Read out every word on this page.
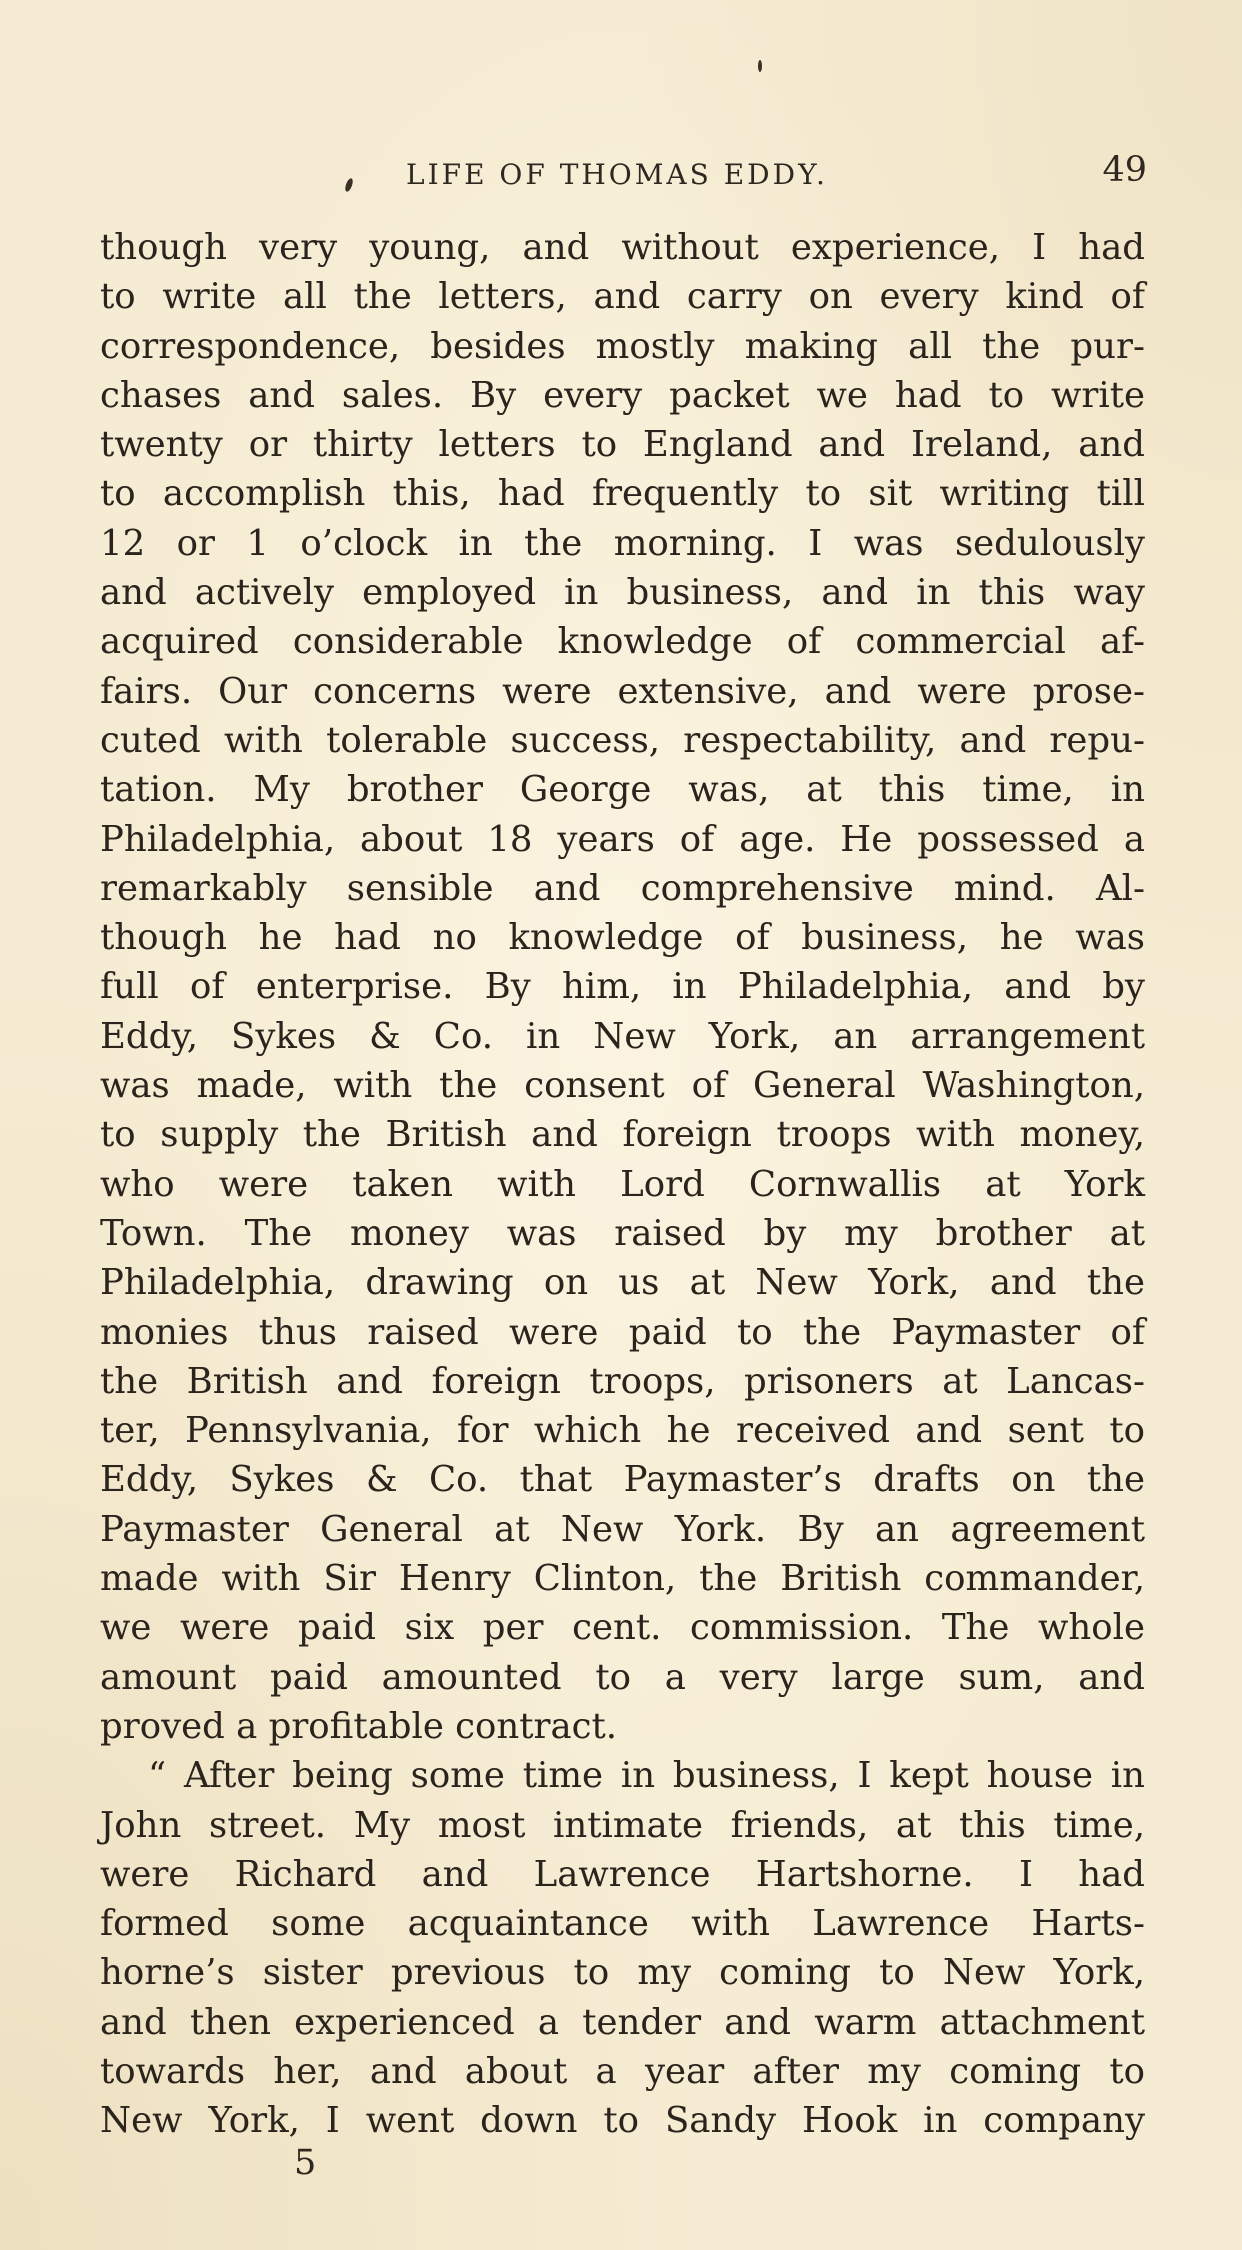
LIFE OF THOMAS EDDY.	49
though very young, and without experience, I had
to write all the letters, and carry on every kind of
correspondence, besides mostly making all the pur-
chases and sales. By every packet we had to write
twenty or thirty letters to England and Ireland, and
to accomplish this, had frequently to sit writing till
12 or 1 o’clock in the morning. I was sedulously
and actively employed in business, and in this way
acquired considerable knowledge of commercial af-
fairs. Our concerns were extensive, and were prose-
cuted with tolerable success, respectability, and repu-
tation. My brother George was, at this time, in
Philadelphia, about 18 years of age. He possessed a
remarkably sensible and comprehensive mind. Al-
though he had no knowledge of business, he was
full of enterprise. By him, in Philadelphia, and by
Eddy, Sykes & Co. in New York, an arrangement
was made, with the consent of General Washington,
to supply the British and foreign troops with money,
who were taken with Lord Cornwallis at York
Town. The money was raised by my brother at
Philadelphia, drawing on us at New York, and the
monies thus raised were paid to the Paymaster of
the British and foreign troops, prisoners at Lancas-
ter, Pennsylvania, for which he received and sent to
Eddy, Sykes & Co. that Paymaster’s drafts on the
Paymaster General at New York. By an agreement
made with Sir Henry Clinton, the British commander,
we were paid six per cent. commission. The whole
amount paid amounted to a very large sum, and
proved a profitable contract.
“ After being some time in business, I kept house in
John street. My most intimate friends, at this time,
were Richard and Lawrence Hartshorne. I had
formed some acquaintance with Lawrence Harts-
horne’s sister previous to my coming to New York,
and then experienced a tender and warm attachment
towards her, and about a year after my coming to
New York, I went down to Sandy Hook in company
5
